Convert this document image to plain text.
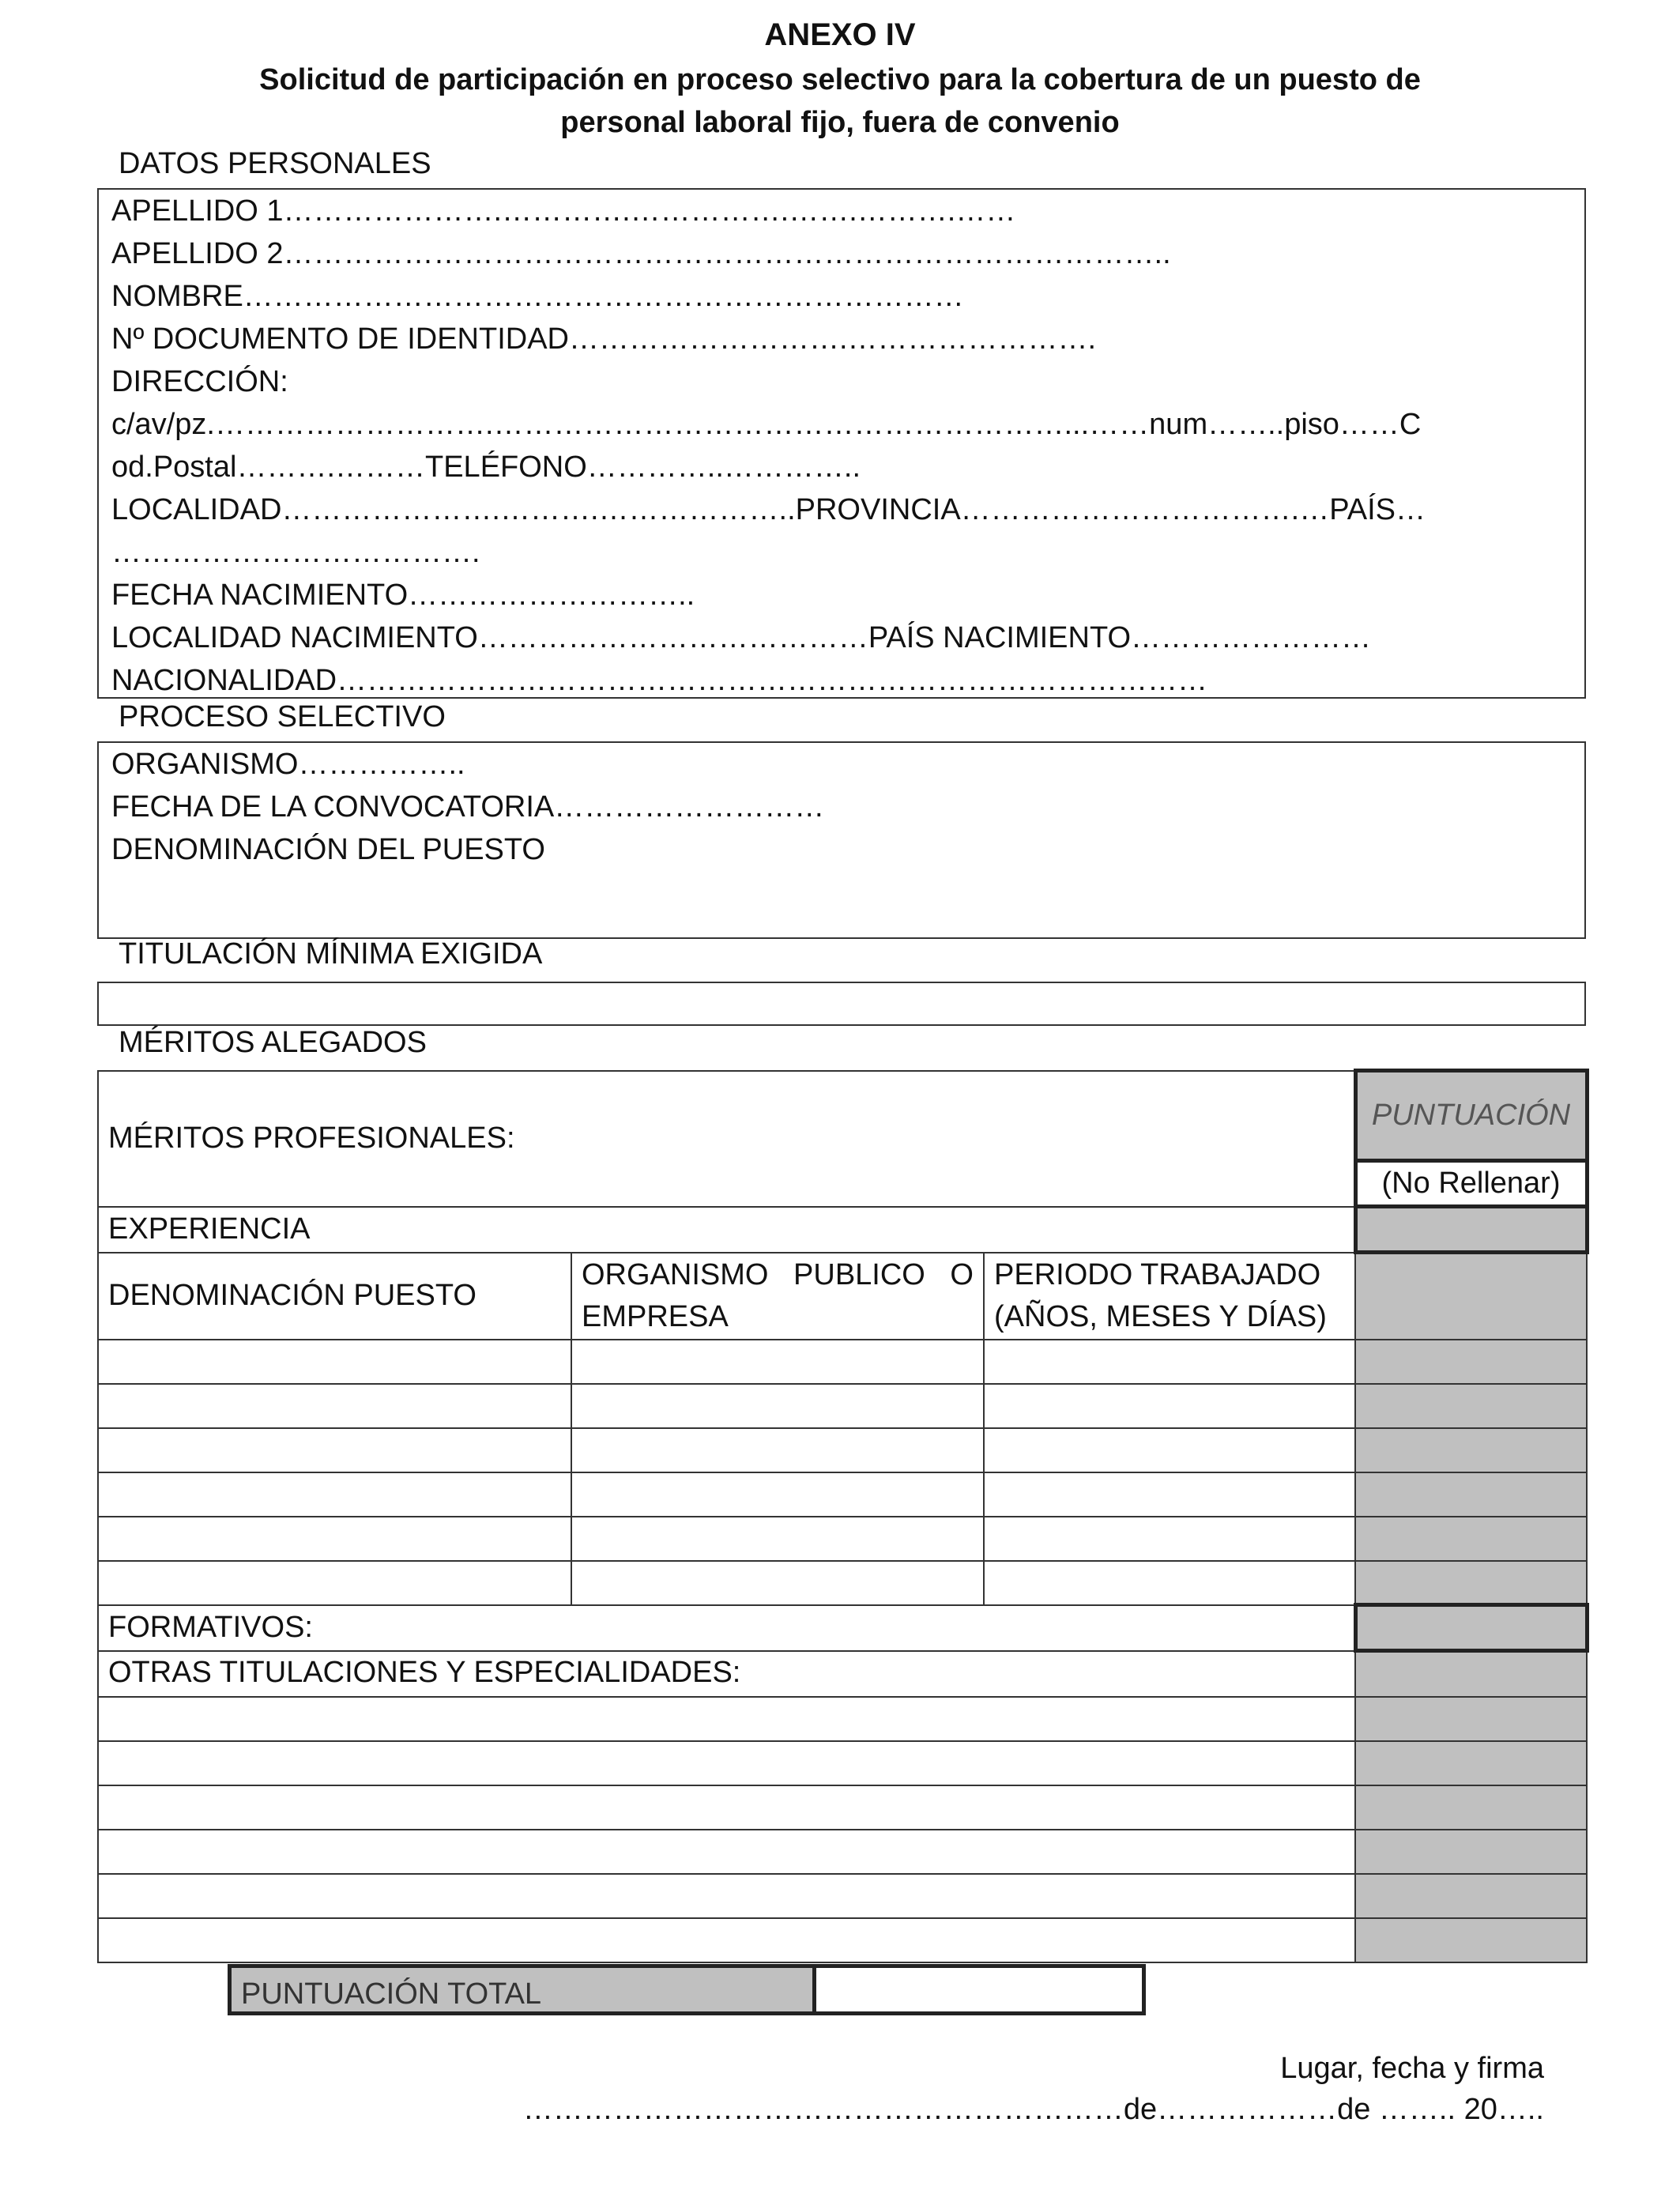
ANEXO IV
Solicitud de participación en proceso selectivo para la cobertura de un puesto de
personal laboral fijo, fuera de convenio
DATOS PERSONALES
APELLIDO 1………………….………….…………….…….……….……
APELLIDO 2……………………………………………………………………………..
NOMBRE………………………………………………………………
Nº DOCUMENTO DE IDENTIDAD……………………….…………………….
DIRECCIÓN:
c/av/pz.……………………….…………………………………………………...……num……..piso……C
od.Postal……….………TELÉFONO…………..…………..
LOCALIDAD………………….……….………………..PROVINCIA…………………………….…PAÍS…
……………………………….
FECHA NACIMIENTO………………………..
LOCALIDAD NACIMIENTO…………………………………PAÍS NACIMIENTO……………………
NACIONALIDAD……………………………………………………………………………
PROCESO SELECTIVO
ORGANISMO……………..
FECHA DE LA CONVOCATORIA………………………
DENOMINACIÓN DEL PUESTO
TITULACIÓN MÍNIMA EXIGIDA
MÉRITOS ALEGADOS
MÉRITOS PROFESIONALES:			PUNTUACIÓN
			(No Rellenar)
EXPERIENCIA			
DENOMINACIÓN PUESTO	ORGANISMO PUBLICO O EMPRESA	PERIODO TRABAJADO (AÑOS, MESES Y DÍAS)	

FORMATIVOS:			
OTRAS TITULACIONES Y ESPECIALIDADES:			

PUNTUACIÓN TOTAL	
Lugar, fecha y firma
……………………………………………………de………………de …….. 20…..
